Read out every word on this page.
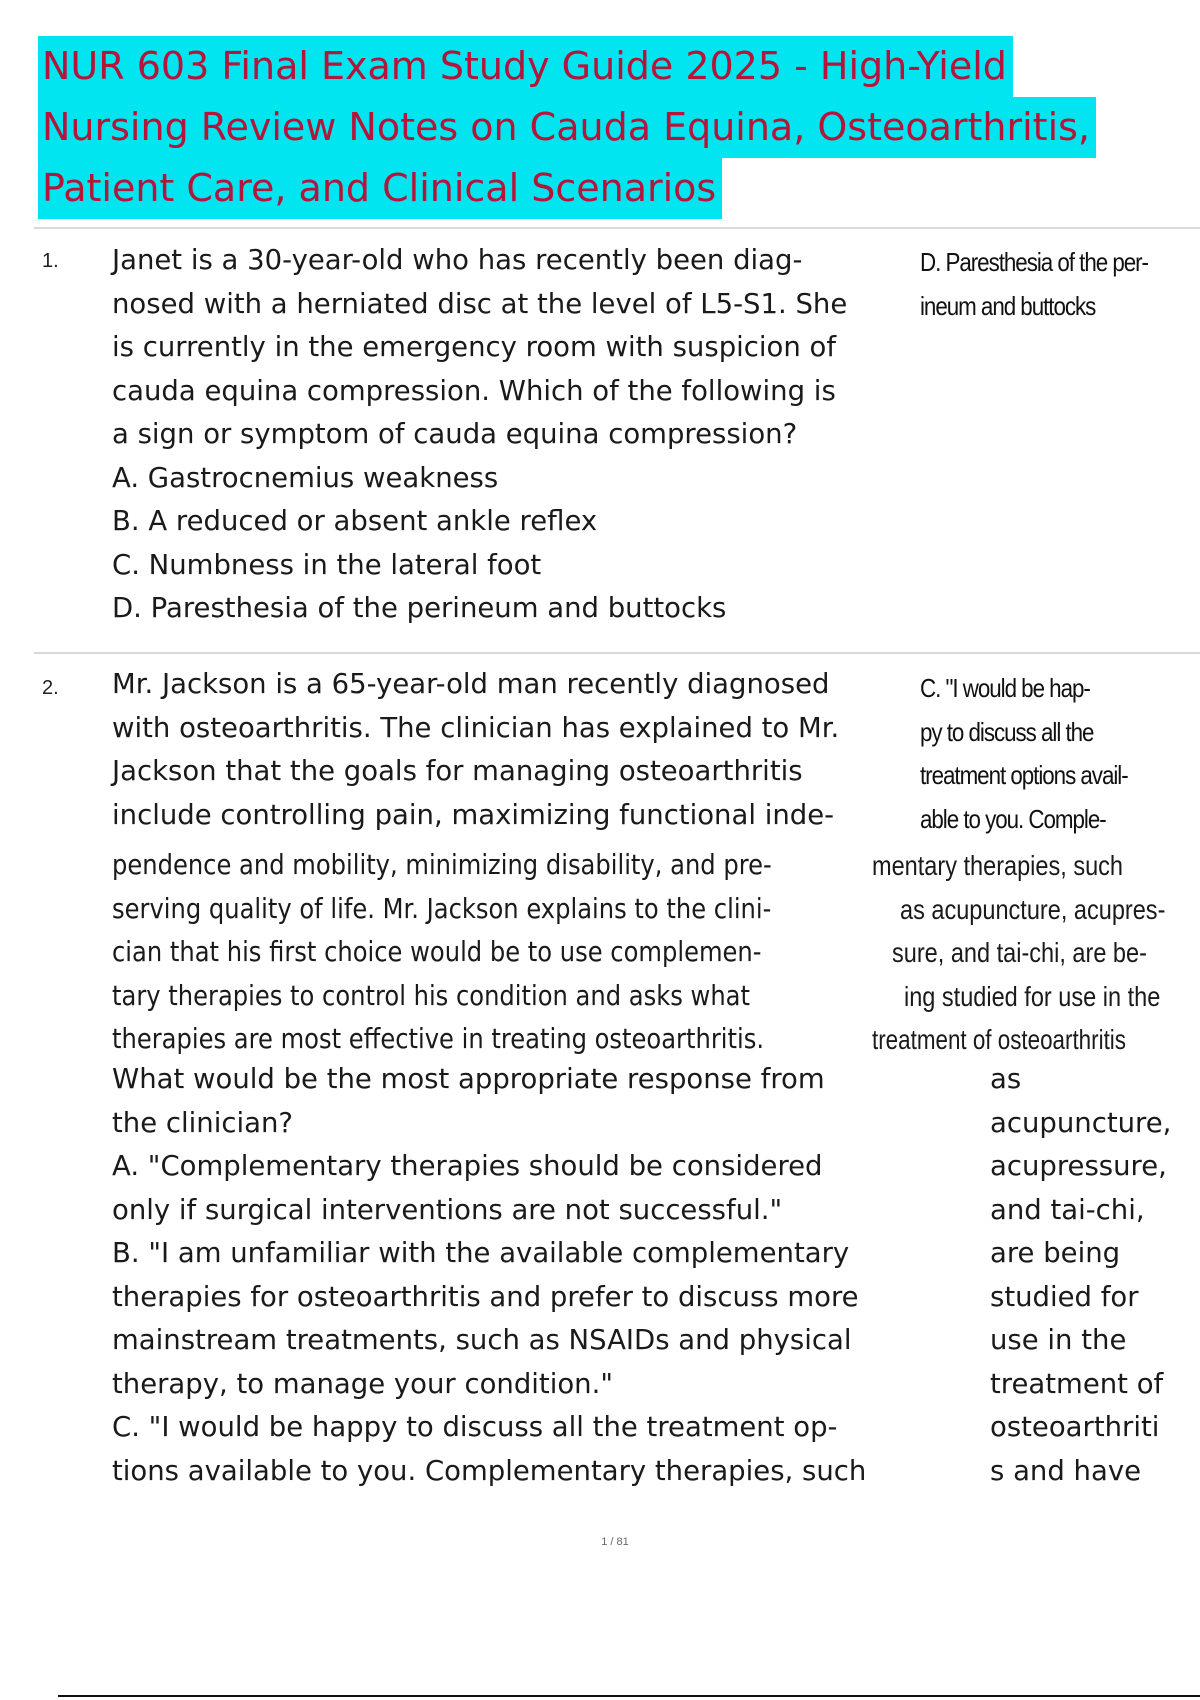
NUR 603 Final Exam Study Guide 2025 - High-Yield
Nursing Review Notes on Cauda Equina, Osteoarthritis,
Patient Care, and Clinical Scenarios
1. Janet is a 30-year-old who has recently been diag-

nosed with a herniated disc at the level of L5-S1. She

is currently in the emergency room with suspicion of

cauda equina compression. Which of the following is

a sign or symptom of cauda equina compression?

A. Gastrocnemius weakness

B. A reduced or absent ankle reflex

C. Numbness in the lateral foot

D. Paresthesia of the perineum and buttocks

D. Paresthesia of the per-
ineum and buttocks
2. Mr. Jackson is a 65-year-old man recently diagnosed

with osteoarthritis. The clinician has explained to Mr.

Jackson that the goals for managing osteoarthritis

include controlling pain, maximizing functional inde-

C. "I would be hap-
py to discuss all the
treatment options avail-
able to you. Comple-
pendence and mobility, minimizing disability, and pre-	mentary therapies, such
serving quality of life. Mr. Jackson explains to the clini-	as acupuncture, acupres-
cian that his first choice would be to use complemen-	sure, and tai-chi, are be-
tary therapies to control his condition and asks what	ing studied for use in the
therapies are most effective in treating osteoarthritis.	treatment of osteoarthritis

What would be the most appropriate response from

the clinician?

A. "Complementary therapies should be considered

only if surgical interventions are not successful."

B. "I am unfamiliar with the available complementary

therapies for osteoarthritis and prefer to discuss more

mainstream treatments, such as NSAIDs and physical

therapy, to manage your condition."

C. "I would be happy to discuss all the treatment op-

tions available to you. Complementary therapies, such

as
acupuncture,
acupressure,
and tai-chi,
are being
studied for
use in the
treatment of
osteoarthriti
s and have
1 / 81
